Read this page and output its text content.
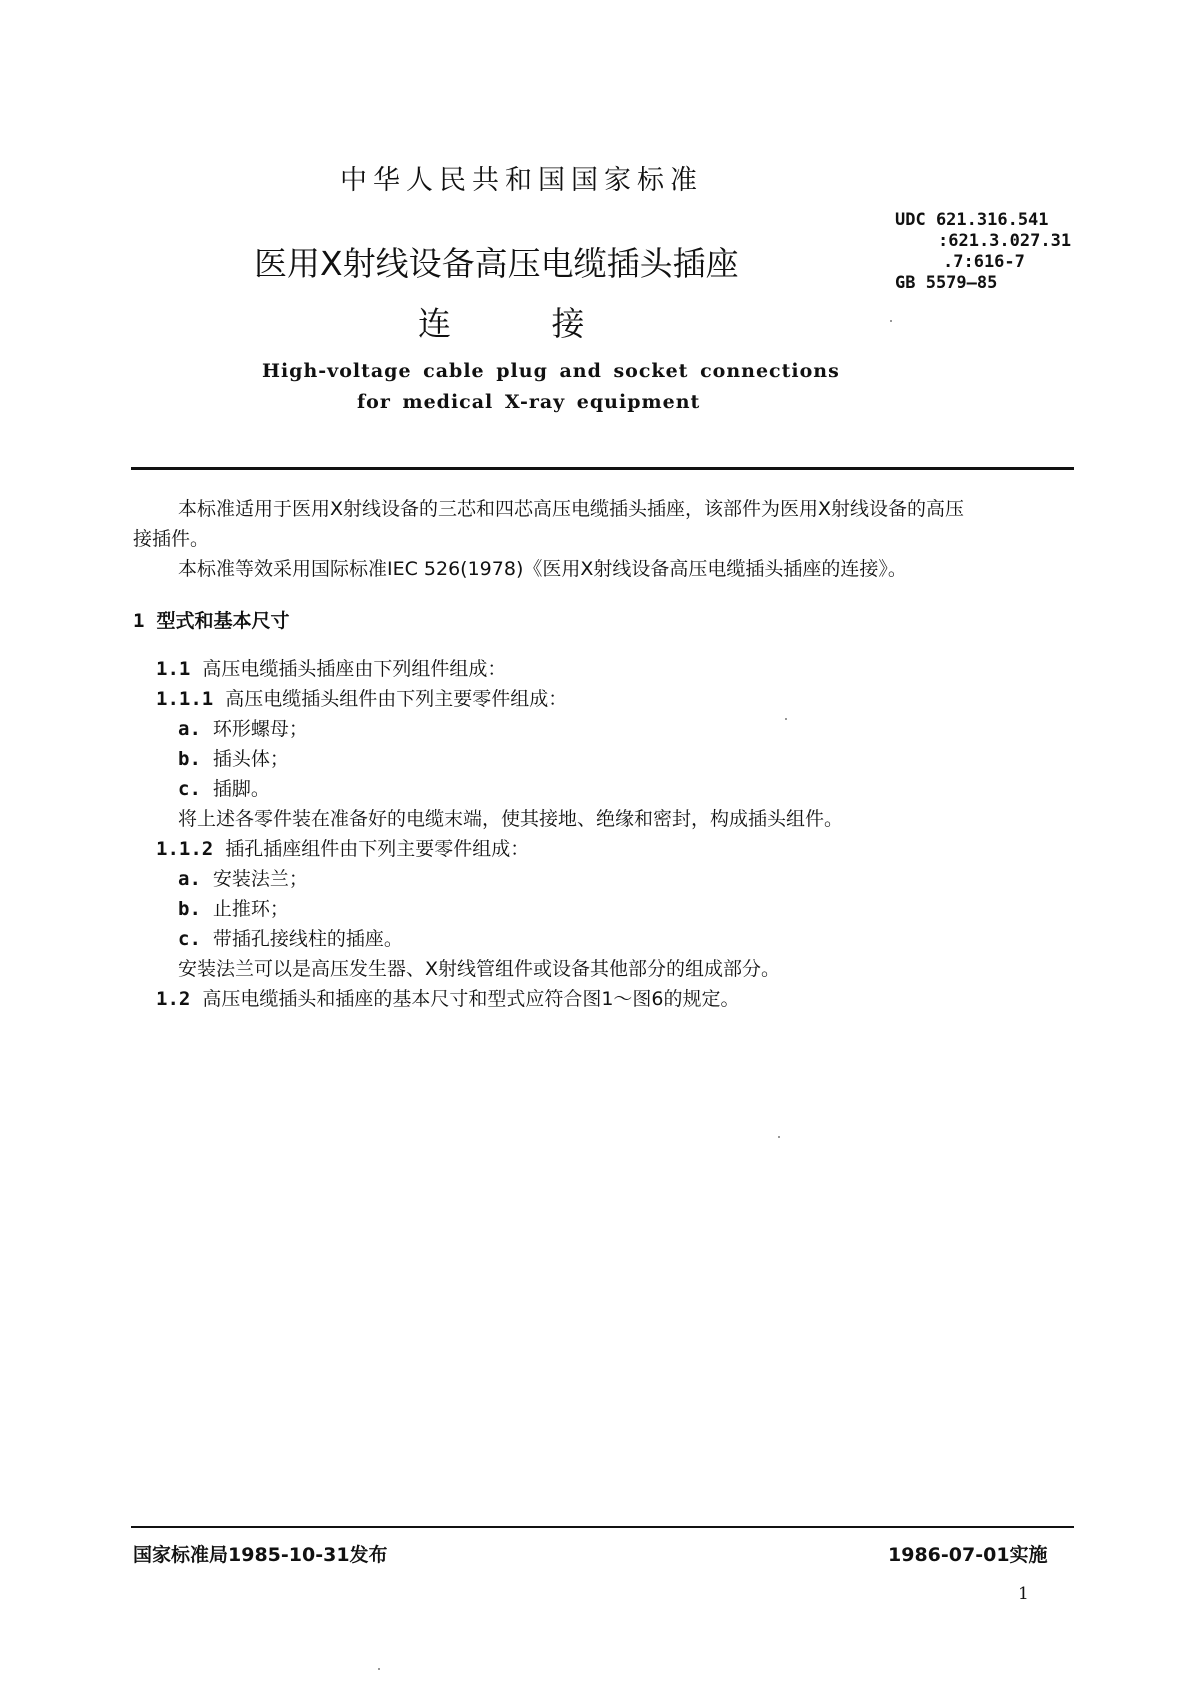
中华人民共和国国家标准
UDC 621.316.541
:621.3.027.31
.7:616-7
GB 5579—85
医用X射线设备高压电缆插头插座
连	接
High-voltage cable plug and socket connections
for medical X-ray equipment
本标准适用于医用X射线设备的三芯和四芯高压电缆插头插座，该部件为医用X射线设备的高压
接插件。
本标准等效采用国际标准IEC 526(1978)《医用X射线设备高压电缆插头插座的连接》。
1 型式和基本尺寸
1.1 高压电缆插头插座由下列组件组成：
1.1.1 高压电缆插头组件由下列主要零件组成：
a. 环形螺母；
b. 插头体；
c. 插脚。
将上述各零件装在准备好的电缆末端，使其接地、绝缘和密封，构成插头组件。
1.1.2 插孔插座组件由下列主要零件组成：
a. 安装法兰；
b. 止推环；
c. 带插孔接线柱的插座。
安装法兰可以是高压发生器、X射线管组件或设备其他部分的组成部分。
1.2 高压电缆插头和插座的基本尺寸和型式应符合图1～图6的规定。
国家标准局1985-10-31发布	1986-07-01实施
1
